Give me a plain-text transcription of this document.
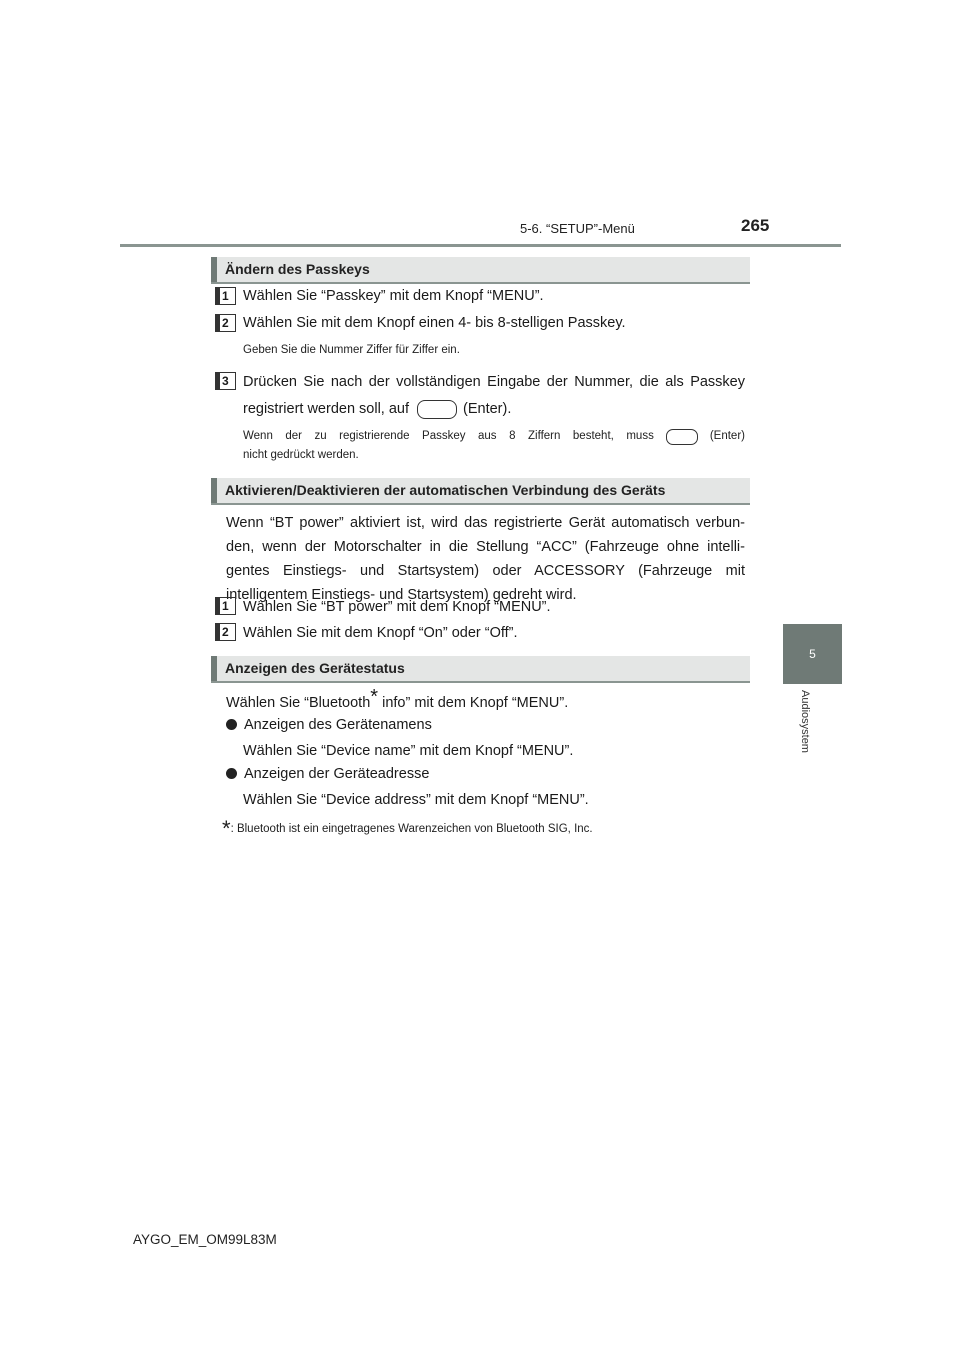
5-6. “SETUP”-Menü	265
5
Audiosystem
Ändern des Passkeys
1 Wählen Sie “Passkey” mit dem Knopf “MENU”.
2 Wählen Sie mit dem Knopf einen 4- bis 8-stelligen Passkey.
Geben Sie die Nummer Ziffer für Ziffer ein.
3 Drücken Sie nach der vollständigen Eingabe der Nummer, die als Passkey
registriert werden soll, auf	(Enter).
Wenn der zu registrierende Passkey aus 8 Ziffern besteht, muss	(Enter)
nicht gedrückt werden.
Aktivieren/Deaktivieren der automatischen Verbindung des Geräts
Wenn “BT power” aktiviert ist, wird das registrierte Gerät automatisch verbun-
den, wenn der Motorschalter in die Stellung “ACC” (Fahrzeuge ohne intelli-
gentes Einstiegs- und Startsystem) oder ACCESSORY (Fahrzeuge mit
intelligentem Einstiegs- und Startsystem) gedreht wird.
1 Wählen Sie “BT power” mit dem Knopf “MENU”.
2 Wählen Sie mit dem Knopf “On” oder “Off”.
Anzeigen des Gerätestatus
Wählen Sie “Bluetooth* info” mit dem Knopf “MENU”.
Anzeigen des Gerätenamens
Wählen Sie “Device name” mit dem Knopf “MENU”.
Anzeigen der Geräteadresse
Wählen Sie “Device address” mit dem Knopf “MENU”.
*: Bluetooth ist ein eingetragenes Warenzeichen von Bluetooth SIG, Inc.
AYGO_EM_OM99L83M
